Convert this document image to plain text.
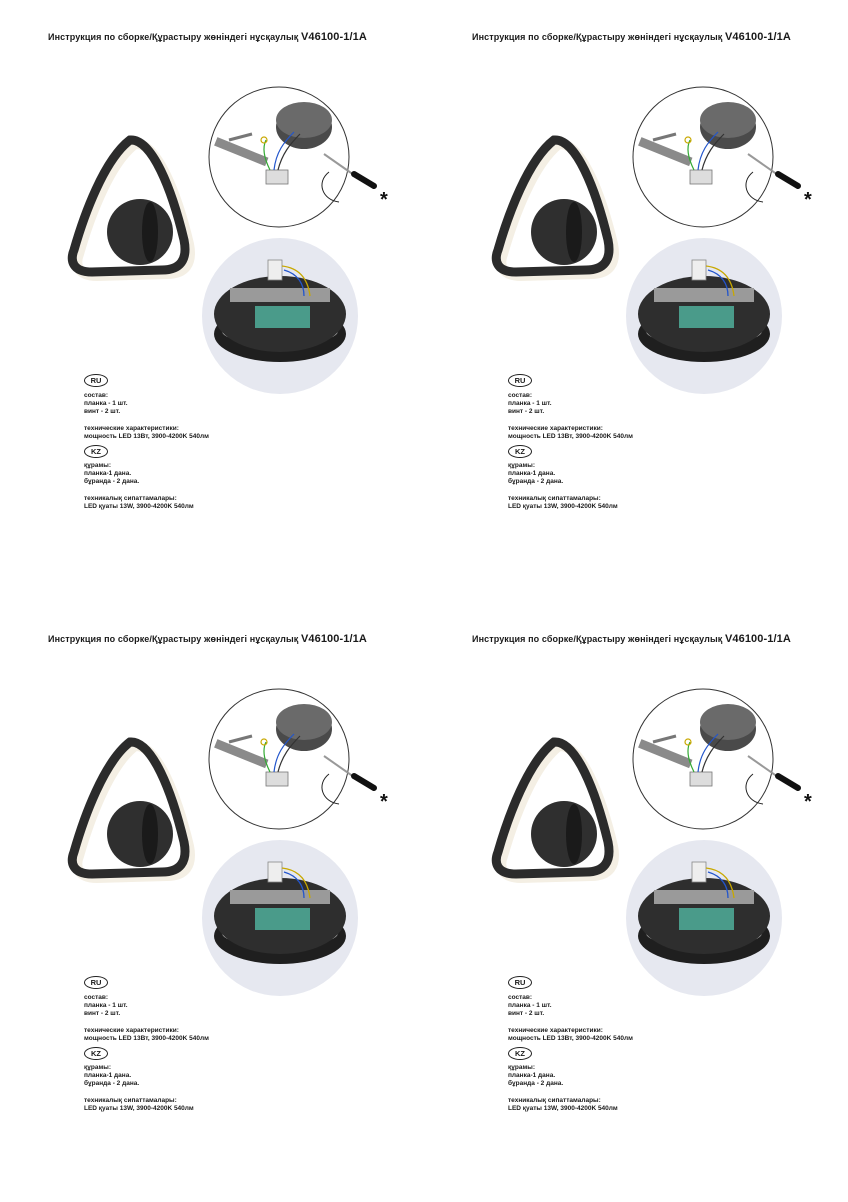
Инструкция по сборке/Құрастыру жөніндегі нұсқаулық V46100-1/1A
*
RU
состав:
планка - 1 шт.
винт - 2 шт.
технические характеристики:
мощность LED 13Вт, 3900-4200K 540лм
KZ
құрамы:
планка-1 дана.
бұранда - 2 дана.
техникалық сипаттамалары:
LED қуаты 13W, 3900-4200K 540лм
Инструкция по сборке/Құрастыру жөніндегі нұсқаулық V46100-1/1A
*
RU
состав:
планка - 1 шт.
винт - 2 шт.
технические характеристики:
мощность LED 13Вт, 3900-4200K 540лм
KZ
құрамы:
планка-1 дана.
бұранда - 2 дана.
техникалық сипаттамалары:
LED қуаты 13W, 3900-4200K 540лм
Инструкция по сборке/Құрастыру жөніндегі нұсқаулық V46100-1/1A
*
RU
состав:
планка - 1 шт.
винт - 2 шт.
технические характеристики:
мощность LED 13Вт, 3900-4200K 540лм
KZ
құрамы:
планка-1 дана.
бұранда - 2 дана.
техникалық сипаттамалары:
LED қуаты 13W, 3900-4200K 540лм
Инструкция по сборке/Құрастыру жөніндегі нұсқаулық V46100-1/1A
*
RU
состав:
планка - 1 шт.
винт - 2 шт.
технические характеристики:
мощность LED 13Вт, 3900-4200K 540лм
KZ
құрамы:
планка-1 дана.
бұранда - 2 дана.
техникалық сипаттамалары:
LED қуаты 13W, 3900-4200K 540лм
